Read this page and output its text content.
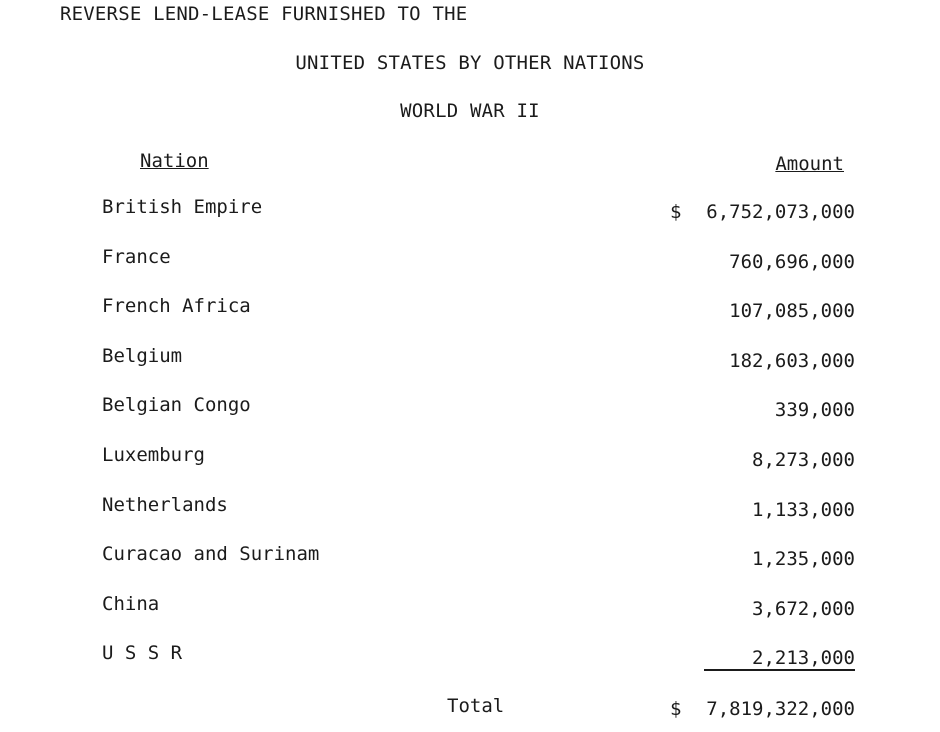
REVERSE LEND-LEASE FURNISHED TO THE
UNITED STATES BY OTHER NATIONS
WORLD WAR II
Nation	Amount
British Empire	$ 6,752,073,000
France	760,696,000
French Africa	107,085,000
Belgium	182,603,000
Belgian Congo	339,000
Luxemburg	8,273,000
Netherlands	1,133,000
Curacao and Surinam	1,235,000
China	3,672,000
U S S R	2,213,000
Total	$ 7,819,322,000
